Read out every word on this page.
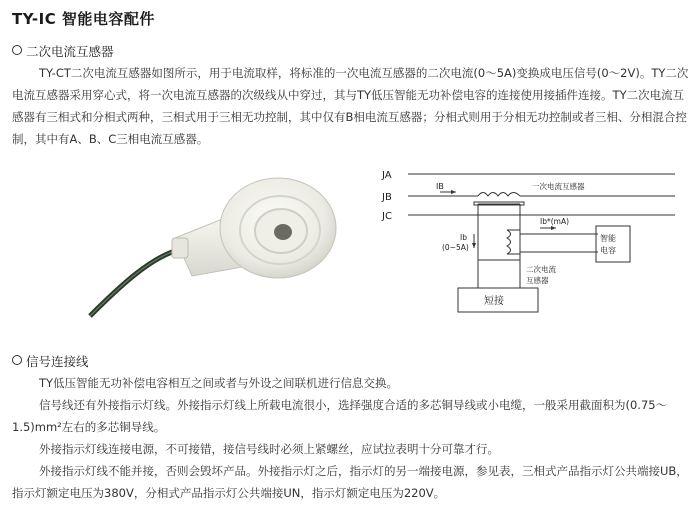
TY-IC 智能电容配件
二次电流互感器

TY-CT二次电流互感器如图所示，用于电流取样，将标准的一次电流互感器的二次电流(0～5A)变换成电压信号(0～2V)。TY二次电流互感器采用穿心式，将一次电流互感器的次级线从中穿过，其与TY低压智能无功补偿电容的连接使用接插件连接。TY二次电流互感器有三相式和分相式两种，三相式用于三相无功控制，其中仅有B相电流互感器；分相式则用于分相无功控制或者三相、分相混合控制，其中有A、B、C三相电流互感器。

JA
JB
JC
IB	一次电流互感器
Ib
(0~5A)
Ib*(mA)
二次电流
互感器
智能
电容
短接
信号连接线

TY低压智能无功补偿电容相互之间或者与外设之间联机进行信息交换。

信号线还有外接指示灯线。外接指示灯线上所载电流很小，选择强度合适的多芯铜导线或小电缆，一般采用截面积为(0.75～1.5)mm²左右的多芯铜导线。

外接指示灯线连接电源，不可接错，接信号线时必须上紧螺丝，应试拉表明十分可靠才行。

外接指示灯线不能并接，否则会毁坏产品。外接指示灯之后，指示灯的另一端接电源，参见表，三相式产品指示灯公共端接UB，指示灯额定电压为380V，分相式产品指示灯公共端接UN，指示灯额定电压为220V。
